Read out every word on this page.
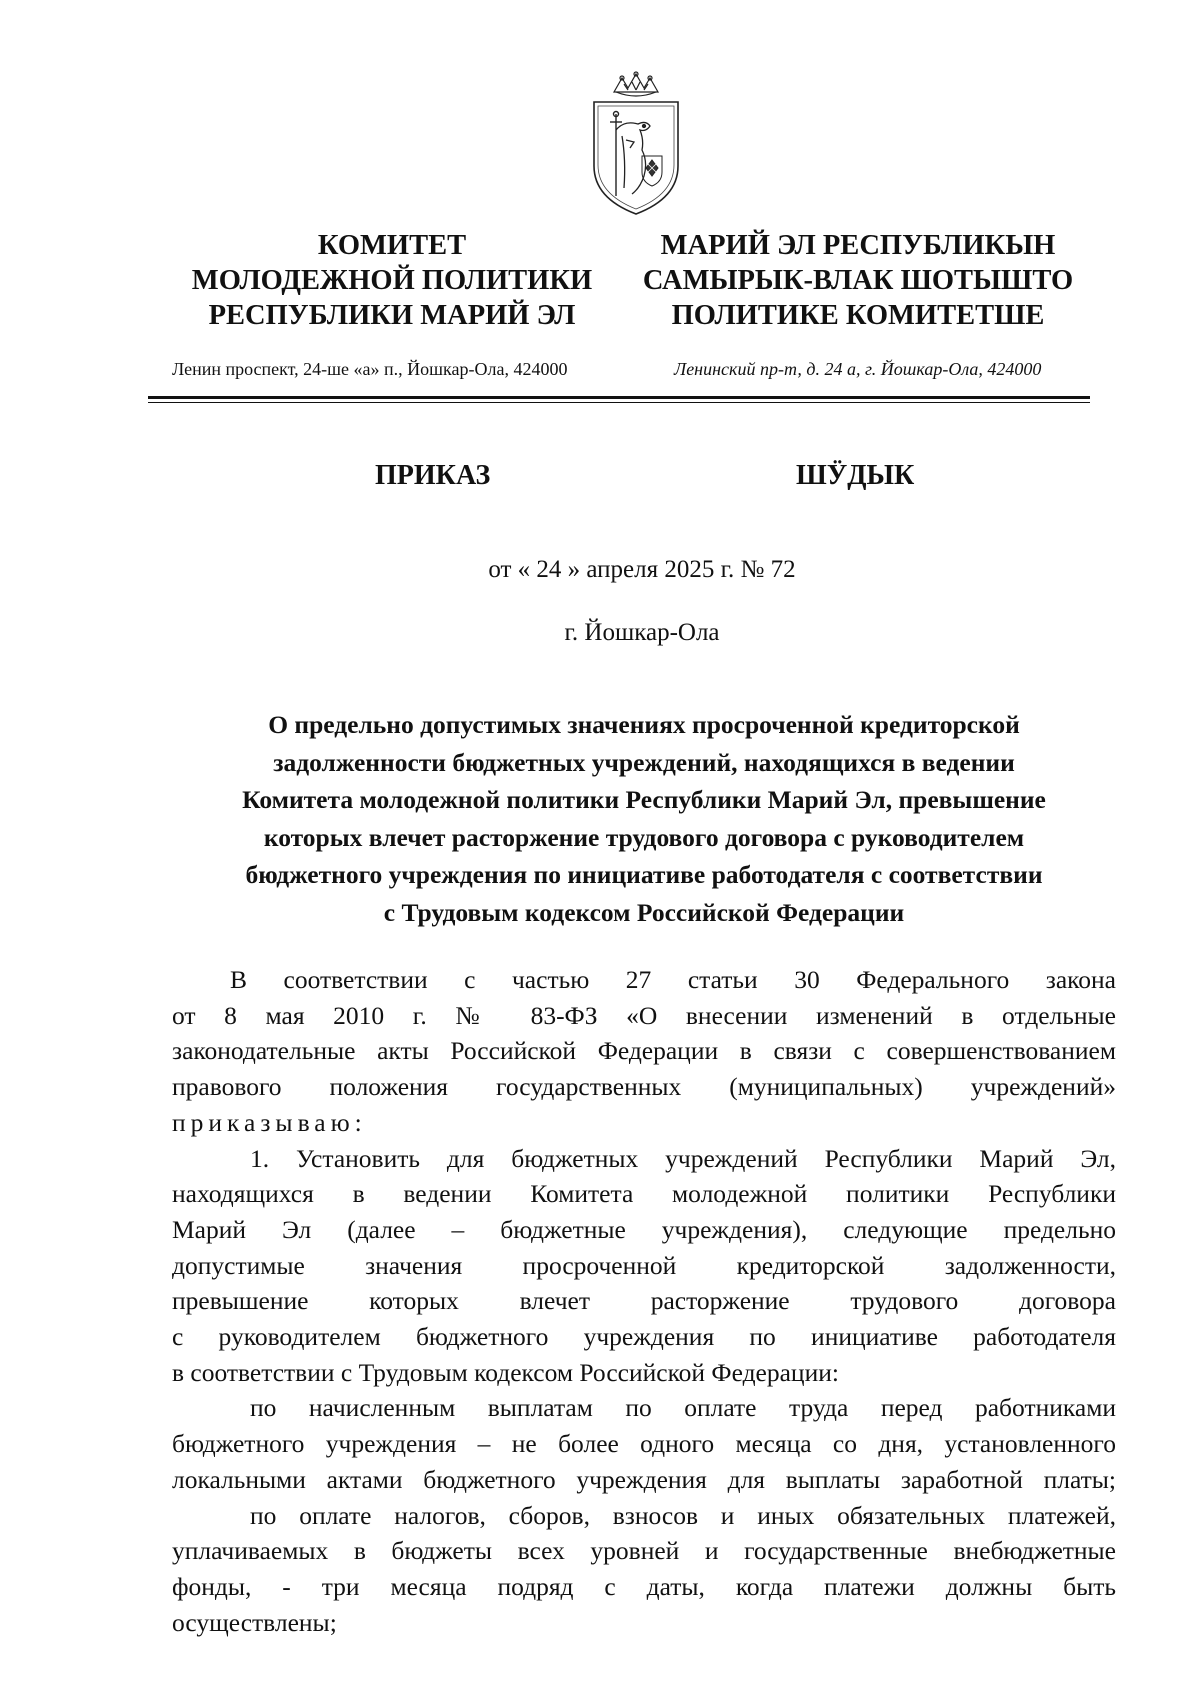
КОМИТЕТ
МОЛОДЕЖНОЙ ПОЛИТИКИ
РЕСПУБЛИКИ МАРИЙ ЭЛ
МАРИЙ ЭЛ РЕСПУБЛИКЫН
САМЫРЫК-ВЛАК ШОТЫШТО
ПОЛИТИКЕ КОМИТЕТШЕ
Ленин проспект, 24-ше «а» п., Йошкар-Ола, 424000	Ленинский пр-т, д. 24 а, г. Йошкар-Ола, 424000
ПРИКАЗ	ШӰДЫК
от « 24 » апреля 2025 г. № 72
г. Йошкар-Ола
О предельно допустимых значениях просроченной кредиторской
задолженности бюджетных учреждений, находящихся в ведении
Комитета молодежной политики Республики Марий Эл, превышение
которых влечет расторжение трудового договора с руководителем
бюджетного учреждения по инициативе работодателя с соответствии
с Трудовым кодексом Российской Федерации

В соответствии с частью 27 статьи 30 Федерального закона
от 8 мая 2010 г. № 83-ФЗ «О внесении изменений в отдельные
законодательные акты Российской Федерации в связи с совершенствованием
правового положения государственных (муниципальных) учреждений»
приказываю:

1. Установить для бюджетных учреждений Республики Марий Эл,
находящихся в ведении Комитета молодежной политики Республики
Марий Эл (далее – бюджетные учреждения), следующие предельно
допустимые значения просроченной кредиторской задолженности,
превышение которых влечет расторжение трудового договора
с руководителем бюджетного учреждения по инициативе работодателя
в соответствии с Трудовым кодексом Российской Федерации:

по начисленным выплатам по оплате труда перед работниками
бюджетного учреждения – не более одного месяца со дня, установленного
локальными актами бюджетного учреждения для выплаты заработной платы;

по оплате налогов, сборов, взносов и иных обязательных платежей,
уплачиваемых в бюджеты всех уровней и государственные внебюджетные
фонды, - три месяца подряд с даты, когда платежи должны быть
осуществлены;
